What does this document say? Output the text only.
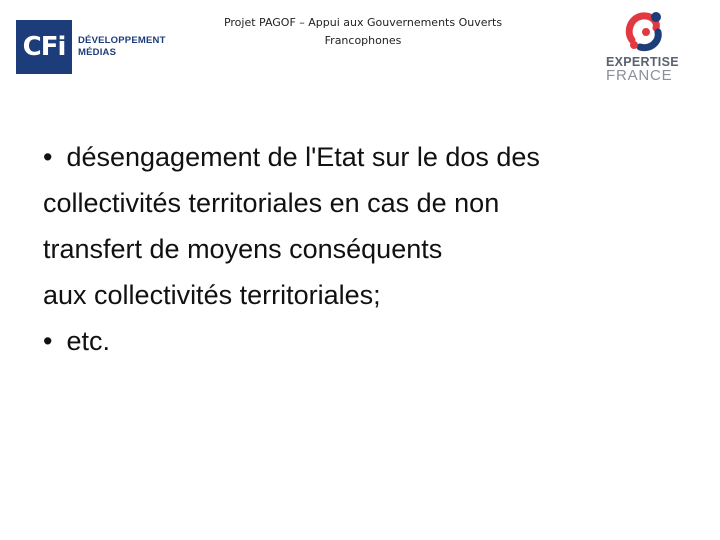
CFi DÉVELOPPEMENT
MÉDIAS
Projet PAGOF – Appui aux Gouvernements Ouverts
Francophones
EXPERTISE
FRANCE
• désengagement de l'Etat sur le dos des
collectivités territoriales en cas de non
transfert de moyens conséquents
aux collectivités territoriales;
• etc.
